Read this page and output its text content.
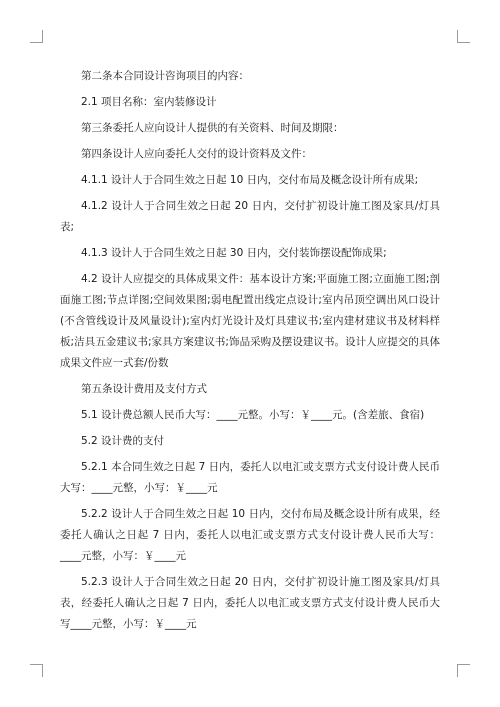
第二条本合同设计咨询项目的内容：

2.1 项目名称：室内装修设计

第三条委托人应向设计人提供的有关资料、时间及期限：

第四条设计人应向委托人交付的设计资料及文件：

4.1.1 设计人于合同生效之日起 10 日内，交付布局及概念设计所有成果;

4.1.2 设计人于合同生效之日起 20 日内，交付扩初设计施工图及家具/灯具表;

4.1.3 设计人于合同生效之日起 30 日内，交付装饰摆设配饰成果;

4.2 设计人应提交的具体成果文件：基本设计方案;平面施工图;立面施工图;剖面施工图;节点详图;空间效果图;弱电配置出线定点设计;室内吊顶空调出风口设计(不含管线设计及风量设计);室内灯光设计及灯具建议书;室内建材建议书及材料样板;洁具五金建议书;家具方案建议书;饰品采购及摆设建议书。设计人应提交的具体成果文件应一式套/份数

第五条设计费用及支付方式

5.1 设计费总额人民币大写：____元整。小写：￥____元。(含差旅、食宿)

5.2 设计费的支付

5.2.1 本合同生效之日起 7 日内，委托人以电汇或支票方式支付设计费人民币大写：____元整，小写：￥____元

5.2.2 设计人于合同生效之日起 10 日内，交付布局及概念设计所有成果，经委托人确认之日起 7 日内，委托人以电汇或支票方式支付设计费人民币大写：____元整，小写：￥____元

5.2.3 设计人于合同生效之日起 20 日内，交付扩初设计施工图及家具/灯具表，经委托人确认之日起 7 日内，委托人以电汇或支票方式支付设计费人民币大写____元整，小写：￥____元
